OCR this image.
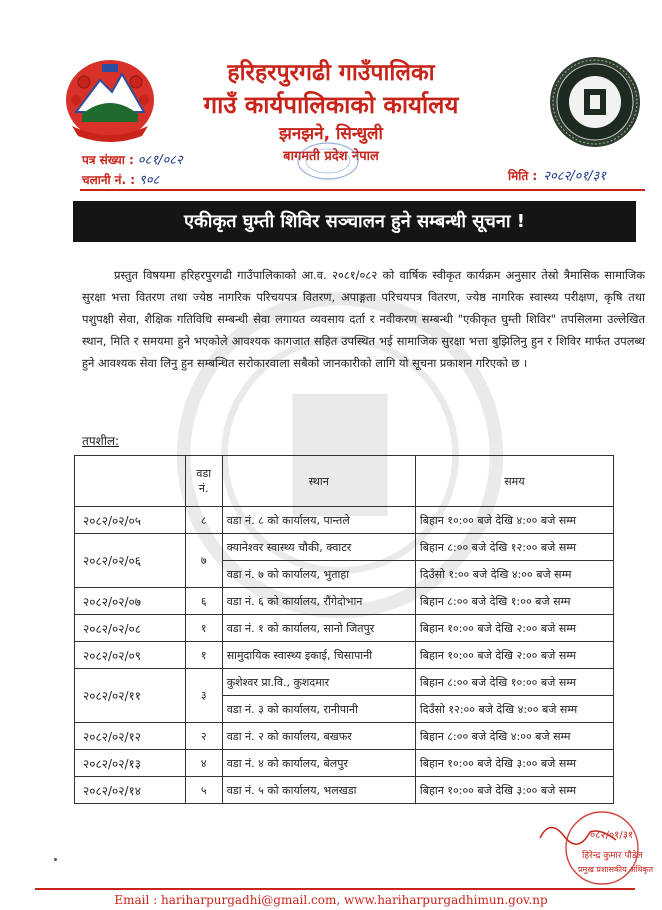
हरिहरपुरगढी गाउँपालिका
गाउँ कार्यपालिकाको कार्यालय
झनझने, सिन्धुली
बागमती प्रदेश नेपाल
पत्र संख्या : ०८१/०८२
चलानी नं. : ९०८	मिति : २०८२/०१/३१
एकीकृत घुम्ती शिविर सञ्चालन हुने सम्बन्धी सूचना !

प्रस्तुत विषयमा हरिहरपुरगढी गाउँपालिकाको आ.व. २०८१/०८२ को वार्षिक स्वीकृत कार्यक्रम अनुसार तेस्रो त्रैमासिक सामाजिक सुरक्षा भत्ता वितरण तथा ज्येष्ठ नागरिक परिचयपत्र वितरण, अपाङ्गता परिचयपत्र वितरण, ज्येष्ठ नागरिक स्वास्थ्य परीक्षण, कृषि तथा पशुपक्षी सेवा, शैक्षिक गतिविधि सम्बन्धी सेवा लगायत व्यवसाय दर्ता र नवीकरण सम्बन्धी "एकीकृत घुम्ती शिविर" तपसिलमा उल्लेखित स्थान, मिति र समयमा हुने भएकोले आवश्यक कागजात सहित उपस्थित भई सामाजिक सुरक्षा भत्ता बुझिलिनु हुन र शिविर मार्फत उपलब्ध हुने आवश्यक सेवा लिनु हुन सम्बन्धित सरोकारवाला सबैको जानकारीको लागि यो सूचना प्रकाशन गरिएको छ ।

तपशील:
	वडा नं.	स्थान	समय
२०८२/०२/०५	८	वडा नं. ८ को कार्यालय, पान्तले	बिहान १०:०० बजे देखि ४:०० बजे सम्म
२०८२/०२/०६	७	क्यानेश्वर स्वास्थ्य चौकी, क्वाटर	बिहान ८:०० बजे देखि १२:०० बजे सम्म
		वडा नं. ७ को कार्यालय, भुताहा	दिउँसो १:०० बजे देखि ४:०० बजे सम्म
२०८२/०२/०७	६	वडा नं. ६ को कार्यालय, रौंगेदोभान	बिहान ८:०० बजे देखि १:०० बजे सम्म
२०८२/०२/०८	१	वडा नं. १ को कार्यालय, सानो जितपुर	बिहान १०:०० बजे देखि २:०० बजे सम्म
२०८२/०२/०९	१	सामुदायिक स्वास्थ्य इकाई, चिसापानी	बिहान १०:०० बजे देखि २:०० बजे सम्म
२०८२/०२/११	३	कुशेश्वर प्रा.वि., कुशदमार	बिहान ८:०० बजे देखि १०:०० बजे सम्म
		वडा नं. ३ को कार्यालय, रानीपानी	दिउँसो १२:०० बजे देखि ४:०० बजे सम्म
२०८२/०२/१२	२	वडा नं. २ को कार्यालय, बखफर	बिहान ८:०० बजे देखि ४:०० बजे सम्म
२०८२/०२/१३	४	वडा नं. ४ को कार्यालय, बेलपुर	बिहान १०:०० बजे देखि ३:०० बजे सम्म
२०८२/०२/१४	५	वडा नं. ५ को कार्यालय, भलखडा	बिहान १०:०० बजे देखि ३:०० बजे सम्म
०८२/०१/३१
हिरेन्द्र कुमार पौडेल
प्रमुख प्रशासकीय अधिकृत
Email : hariharpurgadhi@gmail.com, www.hariharpurgadhimun.gov.np
